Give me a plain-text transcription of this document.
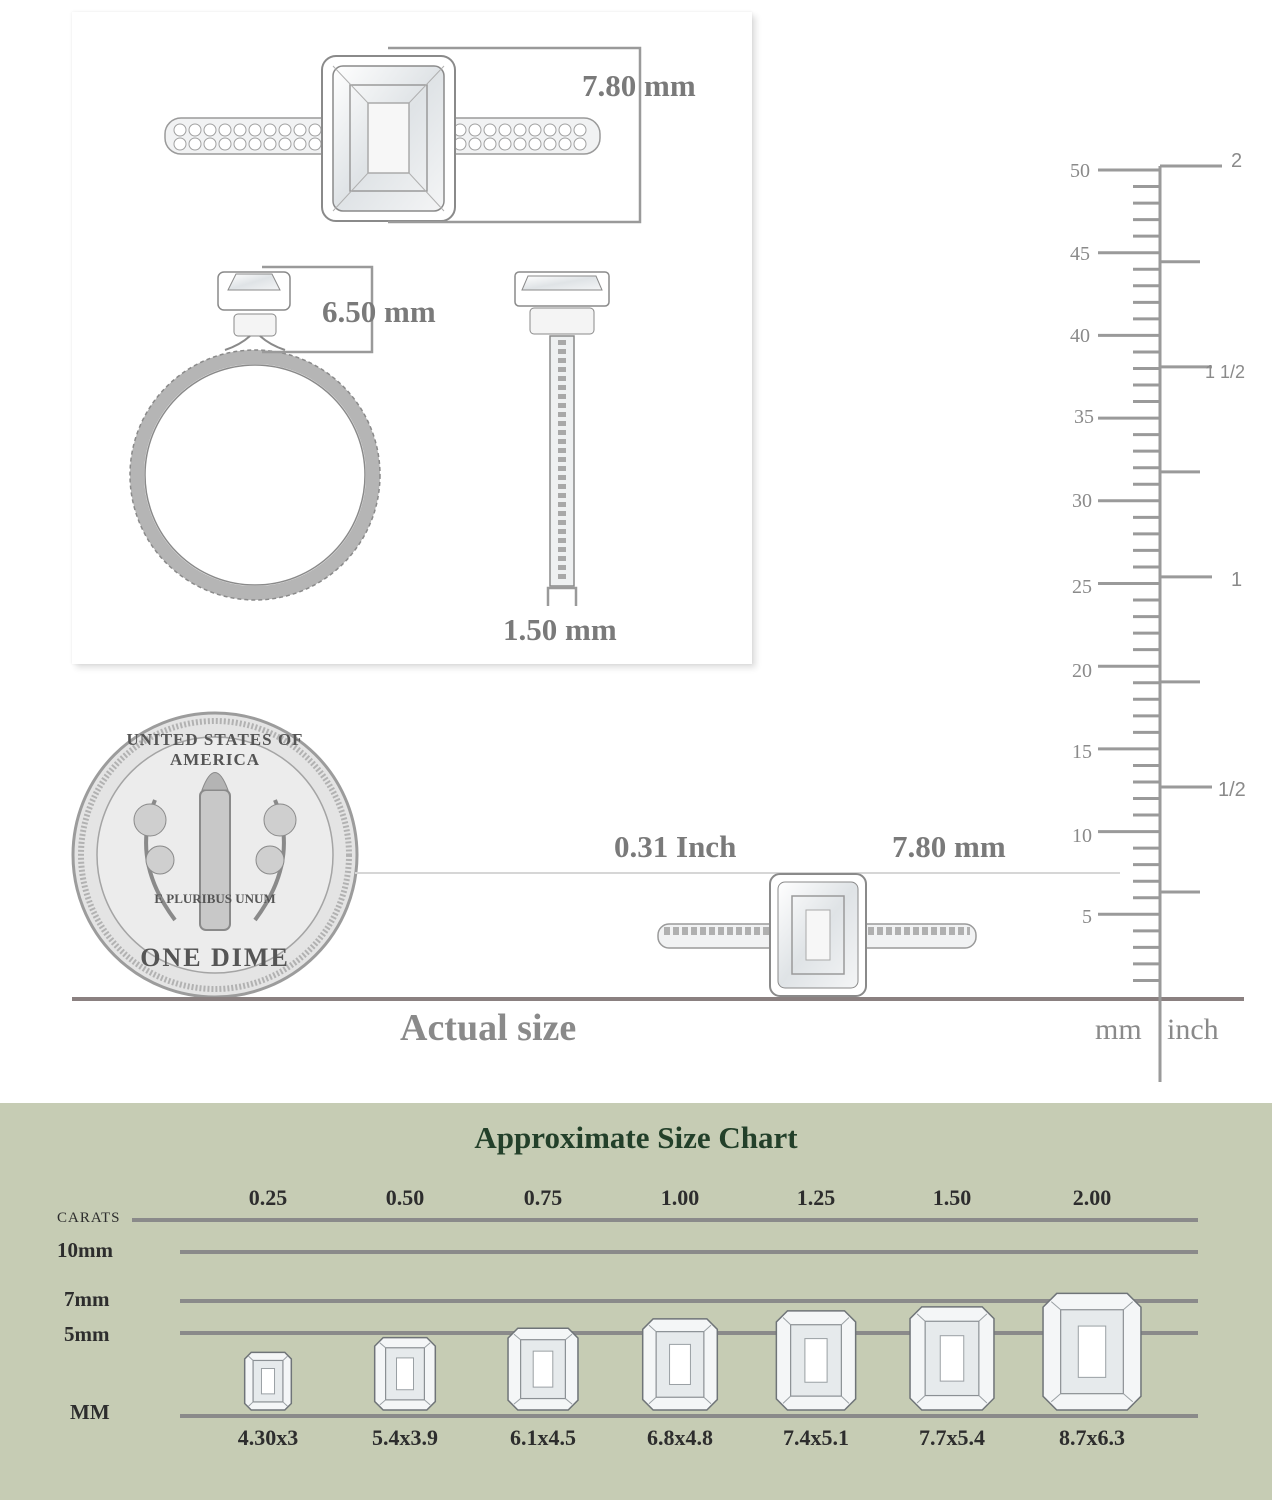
7.80 mm
6.50 mm
1.50 mm
0.31 Inch	7.80 mm
Actual size
UNITED STATES OF AMERICA
E PLURIBUS UNUM
ONE DIME
50
45
40
35
30
25
20
15
10
5
2
1 1/2
1
1/2
mm inch
Approximate Size Chart
CARATS
10mm
7mm
5mm
MM
0.25	0.50	0.75	1.00	1.25	1.50	2.00
4.30x3	5.4x3.9	6.1x4.5	6.8x4.8	7.4x5.1	7.7x5.4	8.7x6.3
